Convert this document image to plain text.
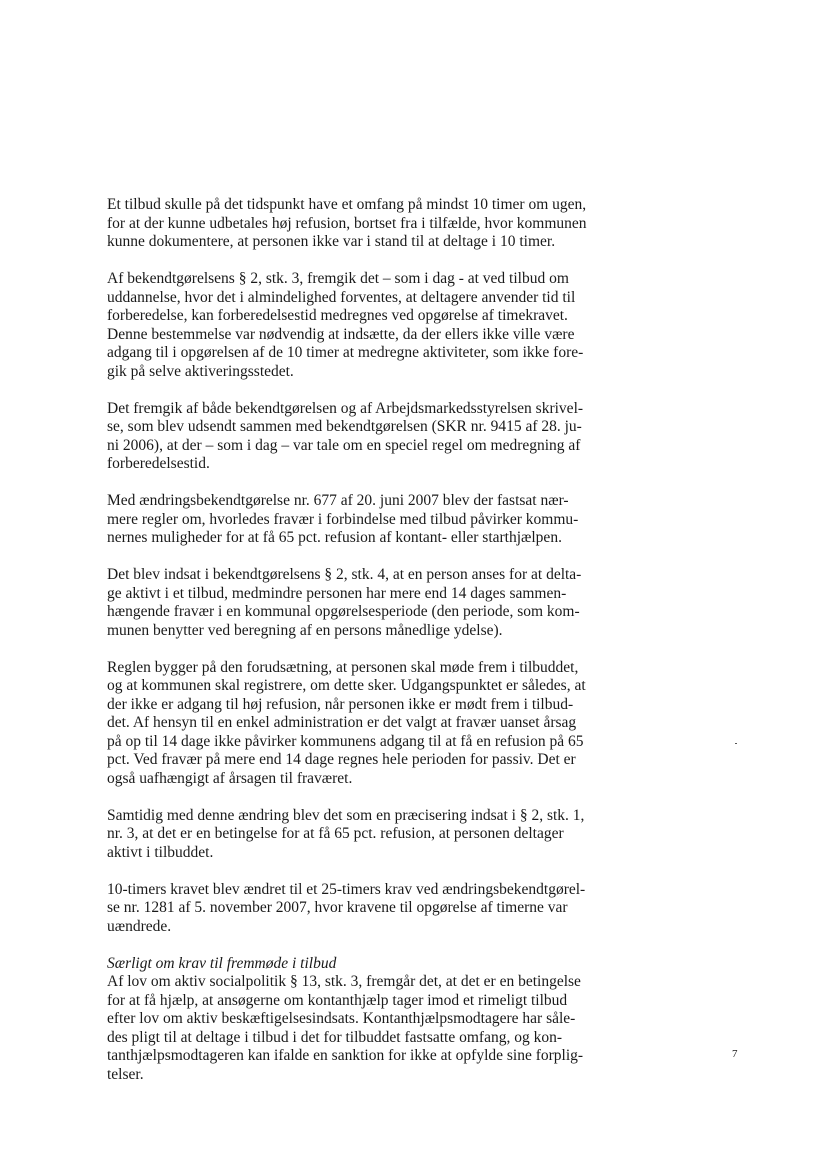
Et tilbud skulle på det tidspunkt have et omfang på mindst 10 timer om ugen,
for at der kunne udbetales høj refusion, bortset fra i tilfælde, hvor kommunen
kunne dokumentere, at personen ikke var i stand til at deltage i 10 timer.

Af bekendtgørelsens § 2, stk. 3, fremgik det – som i dag - at ved tilbud om
uddannelse, hvor det i almindelighed forventes, at deltagere anvender tid til
forberedelse, kan forberedelsestid medregnes ved opgørelse af timekravet.
Denne bestemmelse var nødvendig at indsætte, da der ellers ikke ville være
adgang til i opgørelsen af de 10 timer at medregne aktiviteter, som ikke fore-
gik på selve aktiveringsstedet.

Det fremgik af både bekendtgørelsen og af Arbejdsmarkedsstyrelsen skrivel-
se, som blev udsendt sammen med bekendtgørelsen (SKR nr. 9415 af 28. ju-
ni 2006), at der – som i dag – var tale om en speciel regel om medregning af
forberedelsestid.

Med ændringsbekendtgørelse nr. 677 af 20. juni 2007 blev der fastsat nær-
mere regler om, hvorledes fravær i forbindelse med tilbud påvirker kommu-
nernes muligheder for at få 65 pct. refusion af kontant- eller starthjælpen.

Det blev indsat i bekendtgørelsens § 2, stk. 4, at en person anses for at delta-
ge aktivt i et tilbud, medmindre personen har mere end 14 dages sammen-
hængende fravær i en kommunal opgørelsesperiode (den periode, som kom-
munen benytter ved beregning af en persons månedlige ydelse).

Reglen bygger på den forudsætning, at personen skal møde frem i tilbuddet,
og at kommunen skal registrere, om dette sker. Udgangspunktet er således, at
der ikke er adgang til høj refusion, når personen ikke er mødt frem i tilbud-
det. Af hensyn til en enkel administration er det valgt at fravær uanset årsag
på op til 14 dage ikke påvirker kommunens adgang til at få en refusion på 65
pct. Ved fravær på mere end 14 dage regnes hele perioden for passiv. Det er
også uafhængigt af årsagen til fraværet.

Samtidig med denne ændring blev det som en præcisering indsat i § 2, stk. 1,
nr. 3, at det er en betingelse for at få 65 pct. refusion, at personen deltager
aktivt i tilbuddet.

10-timers kravet blev ændret til et 25-timers krav ved ændringsbekendtgørel-
se nr. 1281 af 5. november 2007, hvor kravene til opgørelse af timerne var
uændrede.

Særligt om krav til fremmøde i tilbud

Af lov om aktiv socialpolitik § 13, stk. 3, fremgår det, at det er en betingelse
for at få hjælp, at ansøgerne om kontanthjælp tager imod et rimeligt tilbud
efter lov om aktiv beskæftigelsesindsats. Kontanthjælpsmodtagere har såle-
des pligt til at deltage i tilbud i det for tilbuddet fastsatte omfang, og kon-
tanthjælpsmodtageren kan ifalde en sanktion for ikke at opfylde sine forplig-
telser.

7
